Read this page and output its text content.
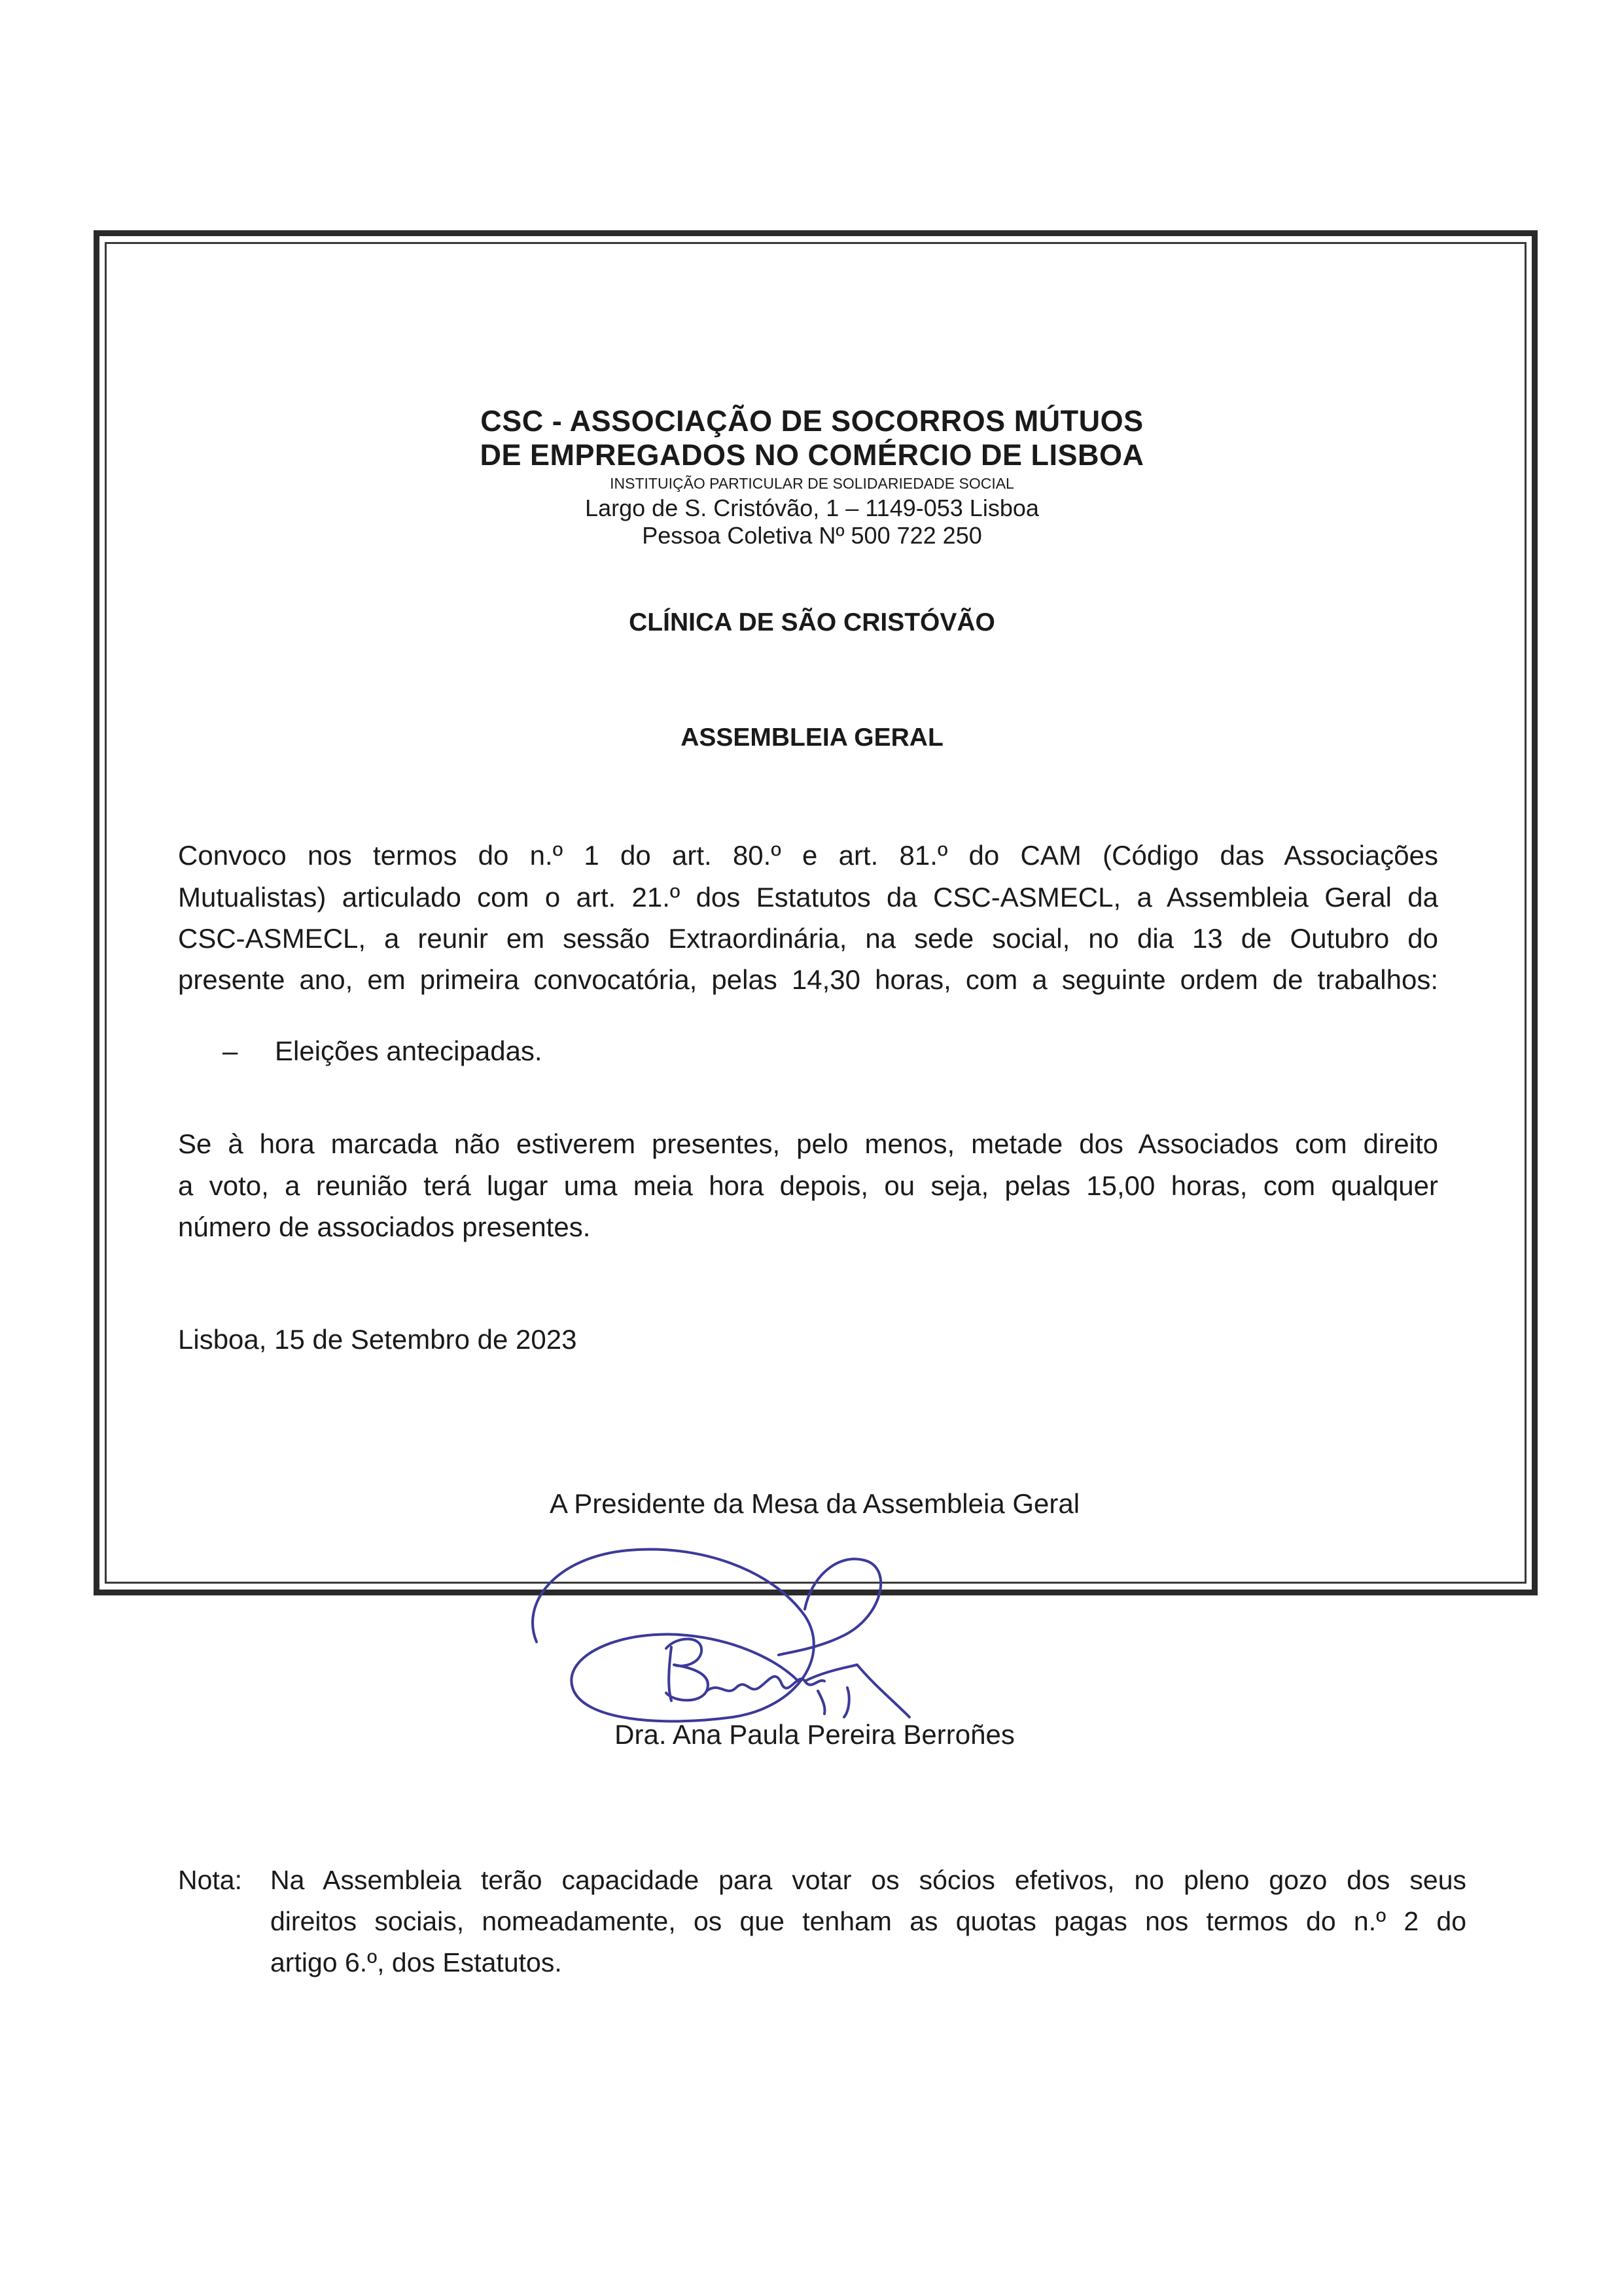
CSC - ASSOCIAÇÃO DE SOCORROS MÚTUOS
DE EMPREGADOS NO COMÉRCIO DE LISBOA
INSTITUIÇÃO PARTICULAR DE SOLIDARIEDADE SOCIAL
Largo de S. Cristóvão, 1 – 1149-053 Lisboa
Pessoa Coletiva Nº 500 722 250
CLÍNICA DE SÃO CRISTÓVÃO
ASSEMBLEIA GERAL
Convoco nos termos do n.º 1 do art. 80.º e art. 81.º do CAM (Código das Associações
Mutualistas) articulado com o art. 21.º dos Estatutos da CSC-ASMECL, a Assembleia Geral da
CSC-ASMECL, a reunir em sessão Extraordinária, na sede social, no dia 13 de Outubro do
presente ano, em primeira convocatória, pelas 14,30 horas, com a seguinte ordem de trabalhos:
– Eleições antecipadas.
Se à hora marcada não estiverem presentes, pelo menos, metade dos Associados com direito
a voto, a reunião terá lugar uma meia hora depois, ou seja, pelas 15,00 horas, com qualquer
número de associados presentes.
Lisboa, 15 de Setembro de 2023
A Presidente da Mesa da Assembleia Geral
Dra. Ana Paula Pereira Berroñes
Nota: Na Assembleia terão capacidade para votar os sócios efetivos, no pleno gozo dos seus
direitos sociais, nomeadamente, os que tenham as quotas pagas nos termos do n.º 2 do
artigo 6.º, dos Estatutos.
